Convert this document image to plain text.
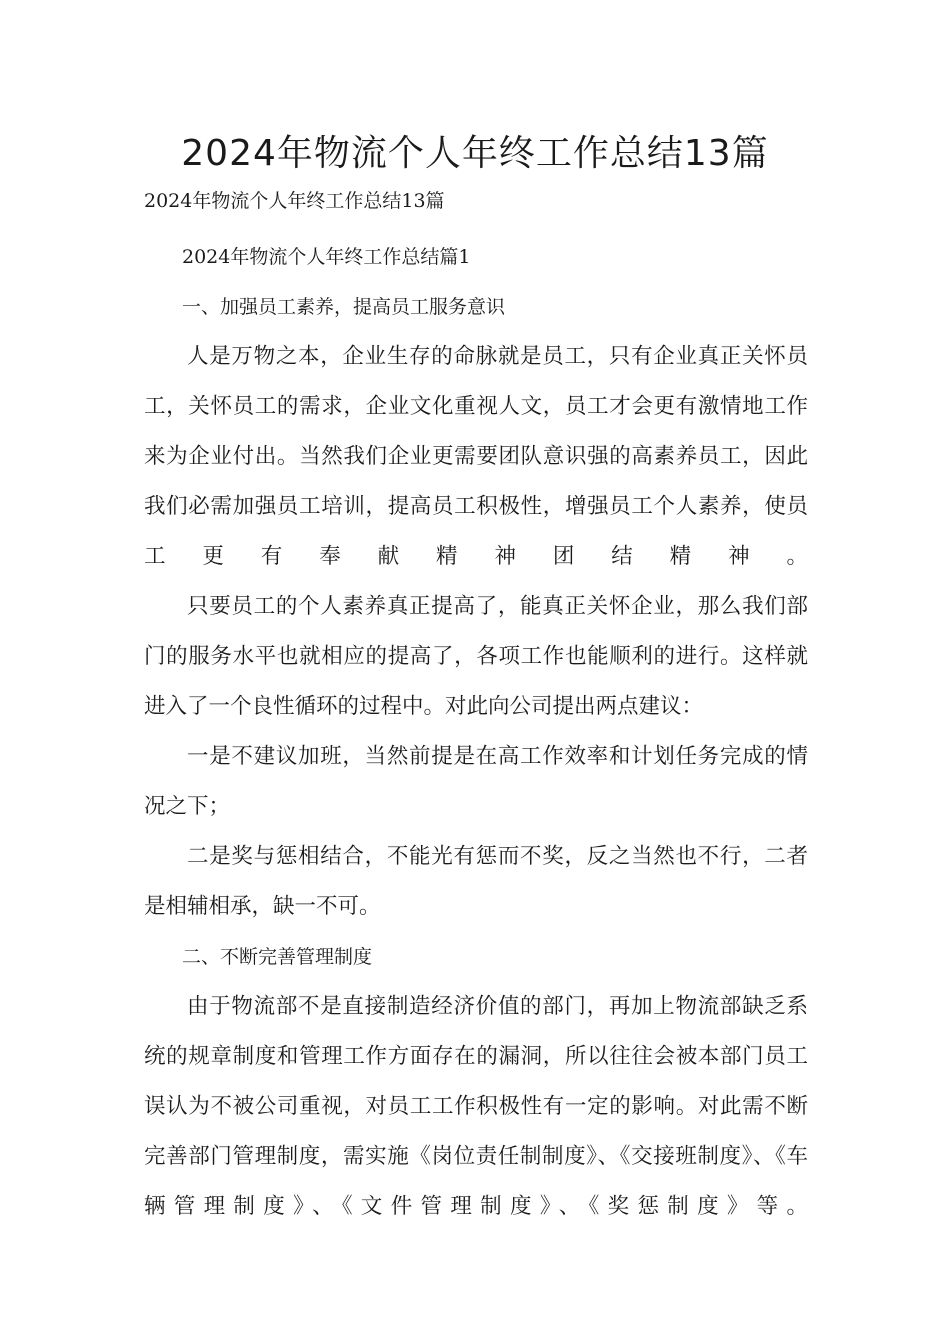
2024年物流个人年终工作总结13篇
2024年物流个人年终工作总结13篇

2024年物流个人年终工作总结篇1

一、加强员工素养，提高员工服务意识

人是万物之本，企业生存的命脉就是员工，只有企业真正关怀员工，关怀员工的需求，企业文化重视人文，员工才会更有激情地工作来为企业付出。当然我们企业更需要团队意识强的高素养员工，因此我们必需加强员工培训，提高员工积极性，增强员工个人素养，使员工更有奉献精神团结精神。

只要员工的个人素养真正提高了，能真正关怀企业，那么我们部门的服务水平也就相应的提高了，各项工作也能顺利的进行。这样就进入了一个良性循环的过程中。对此向公司提出两点建议：

一是不建议加班，当然前提是在高工作效率和计划任务完成的情况之下；

二是奖与惩相结合，不能光有惩而不奖，反之当然也不行，二者是相辅相承，缺一不可。

二、不断完善管理制度

由于物流部不是直接制造经济价值的部门，再加上物流部缺乏系统的规章制度和管理工作方面存在的漏洞，所以往往会被本部门员工误认为不被公司重视，对员工工作积极性有一定的影响。对此需不断完善部门管理制度，需实施《岗位责任制制度》、《交接班制度》、《车辆管理制度》、《文件管理制度》、《奖惩制度》等。
